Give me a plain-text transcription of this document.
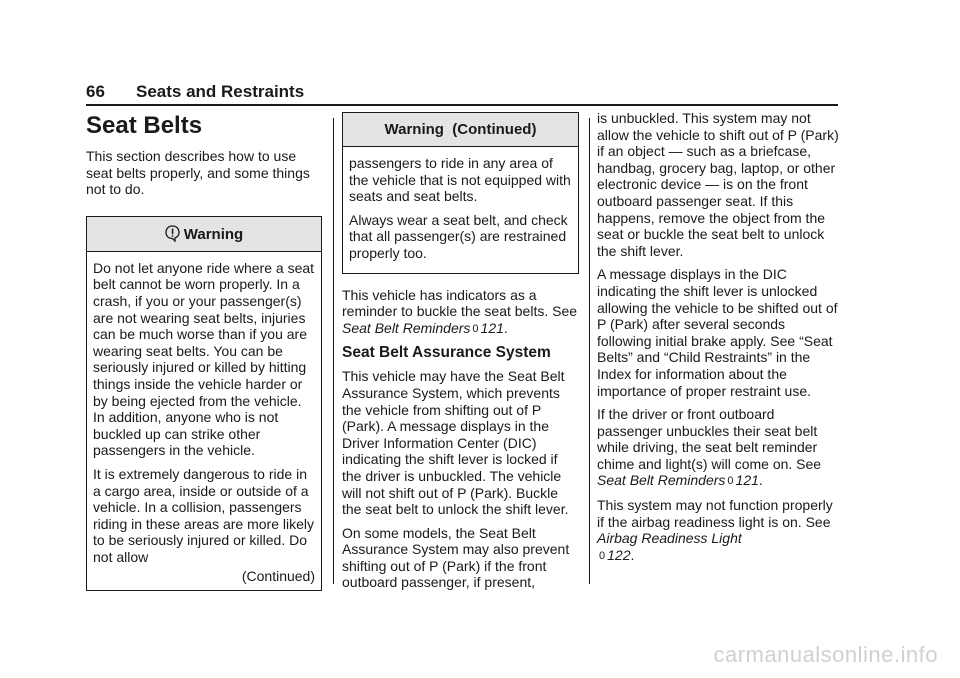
66 Seats and Restraints
Seat Belts

This section describes how to use seat belts properly, and some things not to do.

Warning

Do not let anyone ride where a seat belt cannot be worn properly. In a crash, if you or your passenger(s) are not wearing seat belts, injuries can be much worse than if you are wearing seat belts. You can be seriously injured or killed by hitting things inside the vehicle harder or by being ejected from the vehicle. In addition, anyone who is not buckled up can strike other passengers in the vehicle.

It is extremely dangerous to ride in a cargo area, inside or outside of a vehicle. In a collision, passengers riding in these areas are more likely to be seriously injured or killed. Do not allow

(Continued)
Warning  (Continued)

passengers to ride in any area of the vehicle that is not equipped with seats and seat belts.

Always wear a seat belt, and check that all passenger(s) are restrained properly too.

This vehicle has indicators as a reminder to buckle the seat belts. See Seat Belt Reminders 0 121.

Seat Belt Assurance System

This vehicle may have the Seat Belt Assurance System, which prevents the vehicle from shifting out of P (Park). A message displays in the Driver Information Center (DIC) indicating the shift lever is locked if the driver is unbuckled. The vehicle will not shift out of P (Park). Buckle the seat belt to unlock the shift lever.

On some models, the Seat Belt Assurance System may also prevent shifting out of P (Park) if the front outboard passenger, if present,

is unbuckled. This system may not allow the vehicle to shift out of P (Park) if an object — such as a briefcase, handbag, grocery bag, laptop, or other electronic device — is on the front outboard passenger seat. If this happens, remove the object from the seat or buckle the seat belt to unlock the shift lever.

A message displays in the DIC indicating the shift lever is unlocked allowing the vehicle to be shifted out of P (Park) after several seconds following initial brake apply. See “Seat Belts” and “Child Restraints” in the Index for information about the importance of proper restraint use.

If the driver or front outboard passenger unbuckles their seat belt while driving, the seat belt reminder chime and light(s) will come on. See Seat Belt Reminders 0 121.

This system may not function properly if the airbag readiness light is on. See Airbag Readiness Light
0 122.

carmanualsonline.info
